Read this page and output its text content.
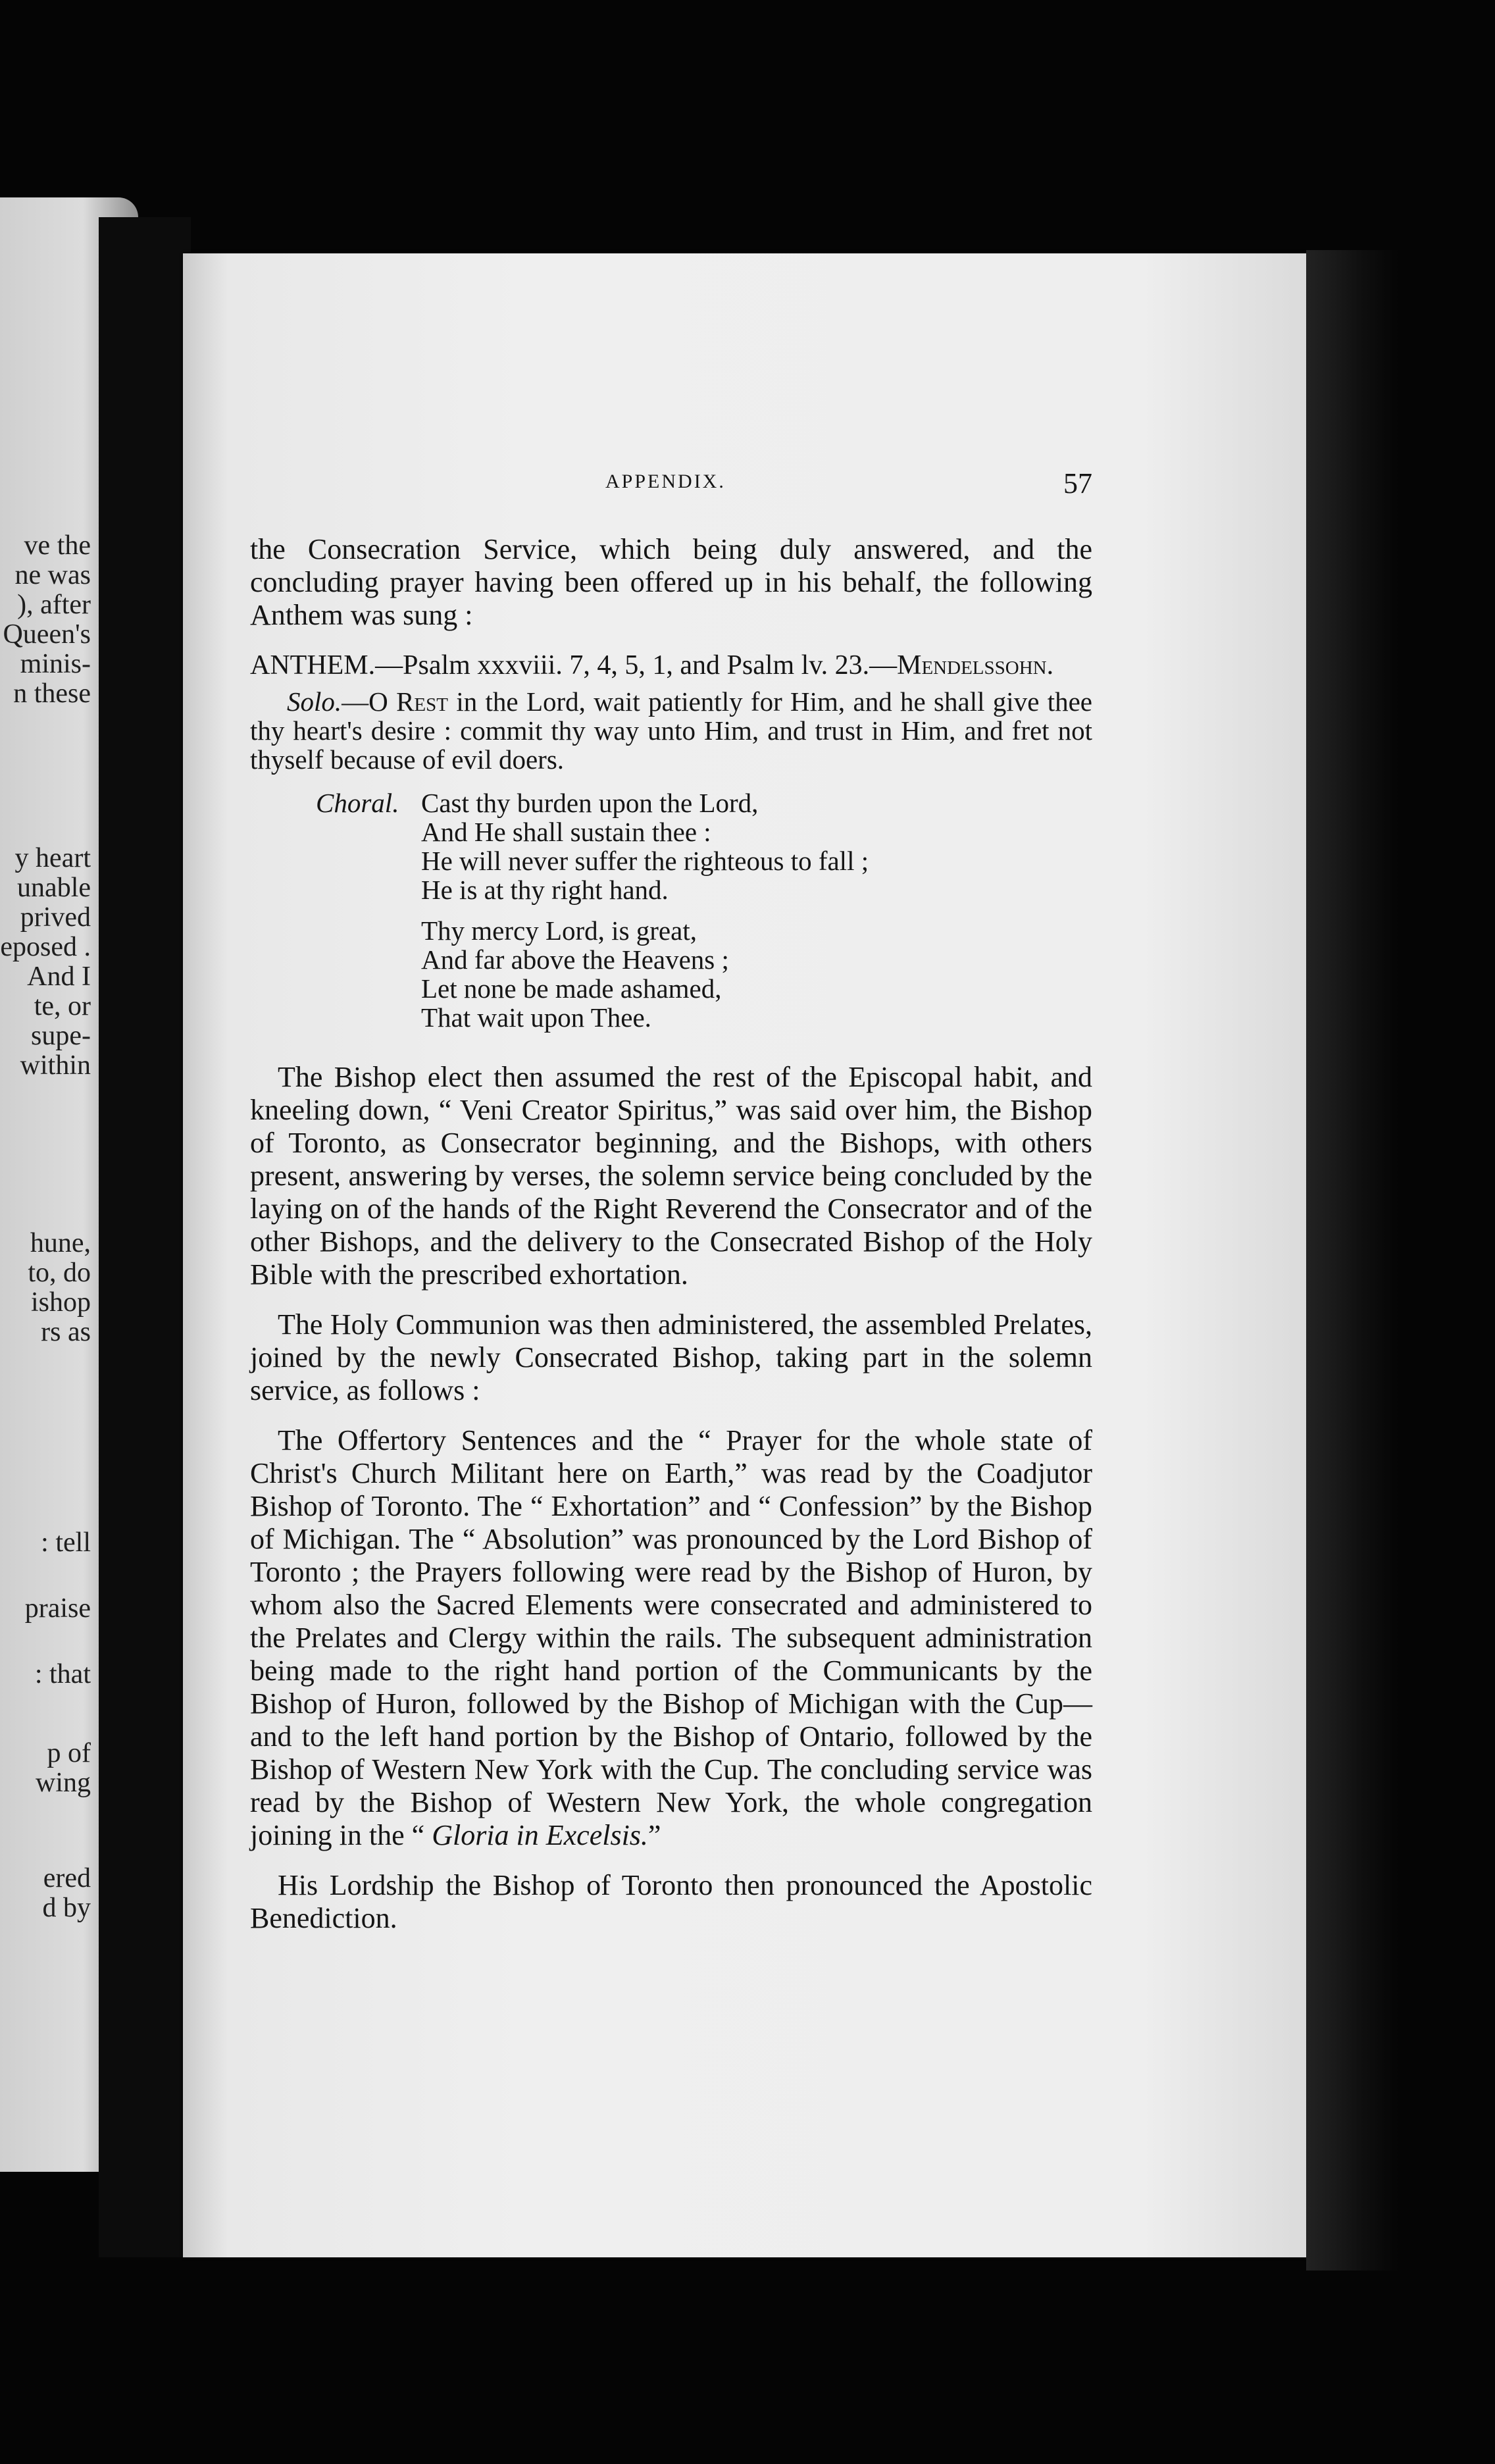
ve the
ne was
), after
Queen's
minis-
n these
y heart
unable
prived
eposed .
And I
te, or
supe-
within
hune,
to, do
ishop
rs as
: tell
praise
: that
p of
wing
ered
d by
APPENDIX.	57

the Consecration Service, which being duly answered, and the concluding prayer having been offered up in his behalf, the following Anthem was sung :

ANTHEM.—Psalm xxxviii. 7, 4, 5, 1, and Psalm lv. 23.—Mendelssohn.

Solo.—O Rest in the Lord, wait patiently for Him, and he shall give thee thy heart's desire : commit thy way unto Him, and trust in Him, and fret not thyself because of evil doers.

Choral. Cast thy burden upon the Lord,
And He shall sustain thee :
He will never suffer the righteous to fall ;
He is at thy right hand.
Thy mercy Lord, is great,
And far above the Heavens ;
Let none be made ashamed,
That wait upon Thee.

The Bishop elect then assumed the rest of the Episcopal habit, and kneeling down, “ Veni Creator Spiritus,” was said over him, the Bishop of Toronto, as Consecrator beginning, and the Bishops, with others present, answering by verses, the solemn service being concluded by the laying on of the hands of the Right Reverend the Consecrator and of the other Bishops, and the delivery to the Consecrated Bishop of the Holy Bible with the prescribed exhortation.

The Holy Communion was then administered, the assembled Prelates, joined by the newly Consecrated Bishop, taking part in the solemn service, as follows :

The Offertory Sentences and the “ Prayer for the whole state of Christ's Church Militant here on Earth,” was read by the Coadjutor Bishop of Toronto. The “ Exhortation” and “ Confession” by the Bishop of Michigan. The “ Absolution” was pronounced by the Lord Bishop of Toronto ; the Prayers following were read by the Bishop of Huron, by whom also the Sacred Elements were consecrated and administered to the Prelates and Clergy within the rails. The subsequent administration being made to the right hand portion of the Communicants by the Bishop of Huron, followed by the Bishop of Michigan with the Cup—and to the left hand portion by the Bishop of Ontario, followed by the Bishop of Western New York with the Cup. The concluding service was read by the Bishop of Western New York, the whole congregation joining in the “ Gloria in Excelsis.”

His Lordship the Bishop of Toronto then pronounced the Apostolic Benediction.
